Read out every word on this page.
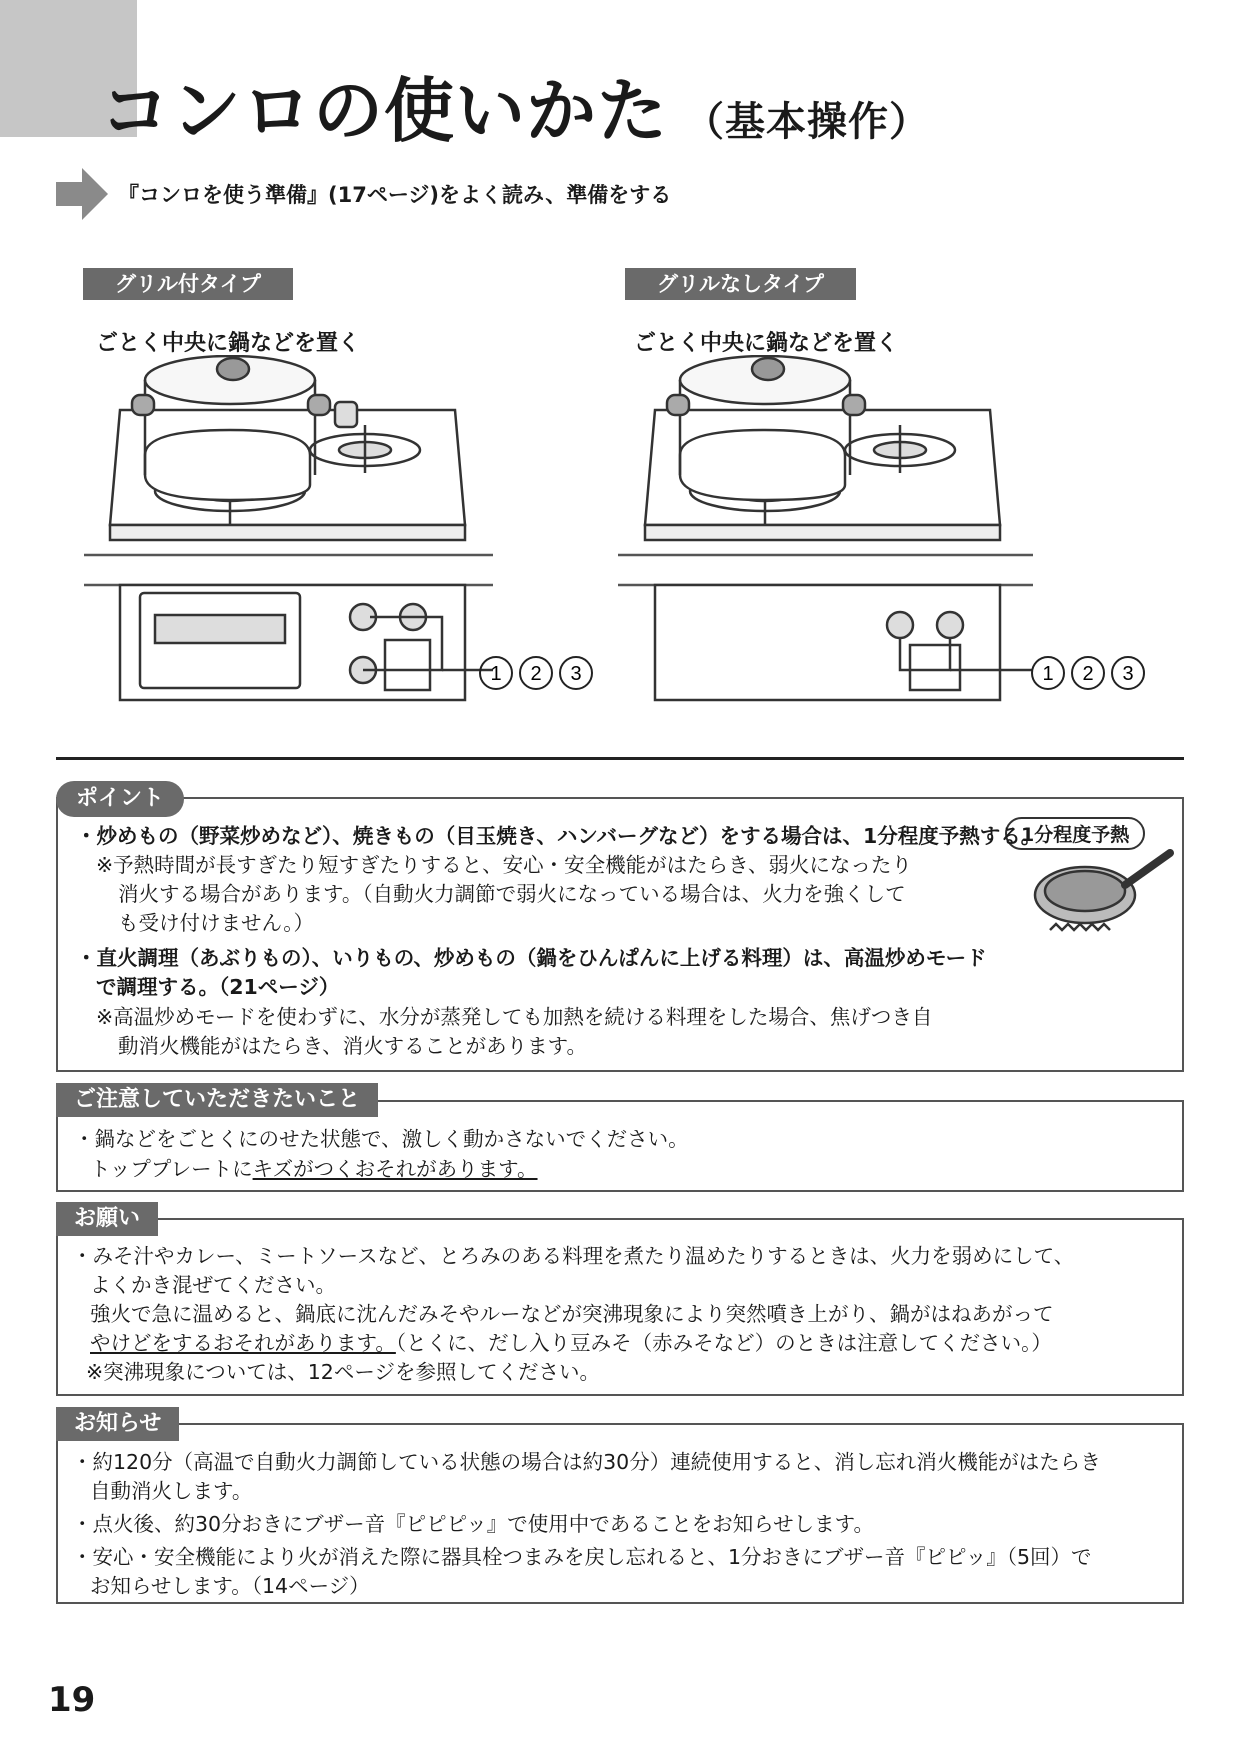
コンロの使いかた （基本操作）
『コンロを使う準備』(17ページ)をよく読み、準備をする
グリル付タイプ	グリルなしタイプ
ごとく中央に鍋などを置く	ごとく中央に鍋などを置く
1 2 3	1 2 3
ポイント
1分程度予熱
・炒めもの（野菜炒めなど）、焼きもの（目玉焼き、ハンバーグなど）をする場合は、1分程度予熱する。
※予熱時間が長すぎたり短すぎたりすると、安心・安全機能がはたらき、弱火になったり
消火する場合があります。（自動火力調節で弱火になっている場合は、火力を強くして
も受け付けません。）
・直火調理（あぶりもの）、いりもの、炒めもの（鍋をひんぱんに上げる料理）は、高温炒めモード
で調理する。（21ページ）
※高温炒めモードを使わずに、水分が蒸発しても加熱を続ける料理をした場合、焦げつき自
動消火機能がはたらき、消火することがあります。
ご注意していただきたいこと
・鍋などをごとくにのせた状態で、激しく動かさないでください。
トッププレートにキズがつくおそれがあります。
お願い
・みそ汁やカレー、ミートソースなど、とろみのある料理を煮たり温めたりするときは、火力を弱めにして、
よくかき混ぜてください。
強火で急に温めると、鍋底に沈んだみそやルーなどが突沸現象により突然噴き上がり、鍋がはねあがって
やけどをするおそれがあります。（とくに、だし入り豆みそ（赤みそなど）のときは注意してください。）
※突沸現象については、12ページを参照してください。
お知らせ
・約120分（高温で自動火力調節している状態の場合は約30分）連続使用すると、消し忘れ消火機能がはたらき
自動消火します。
・点火後、約30分おきにブザー音『ピピピッ』で使用中であることをお知らせします。
・安心・安全機能により火が消えた際に器具栓つまみを戻し忘れると、1分おきにブザー音『ピピッ』（5回）で
お知らせします。（14ページ）
19
